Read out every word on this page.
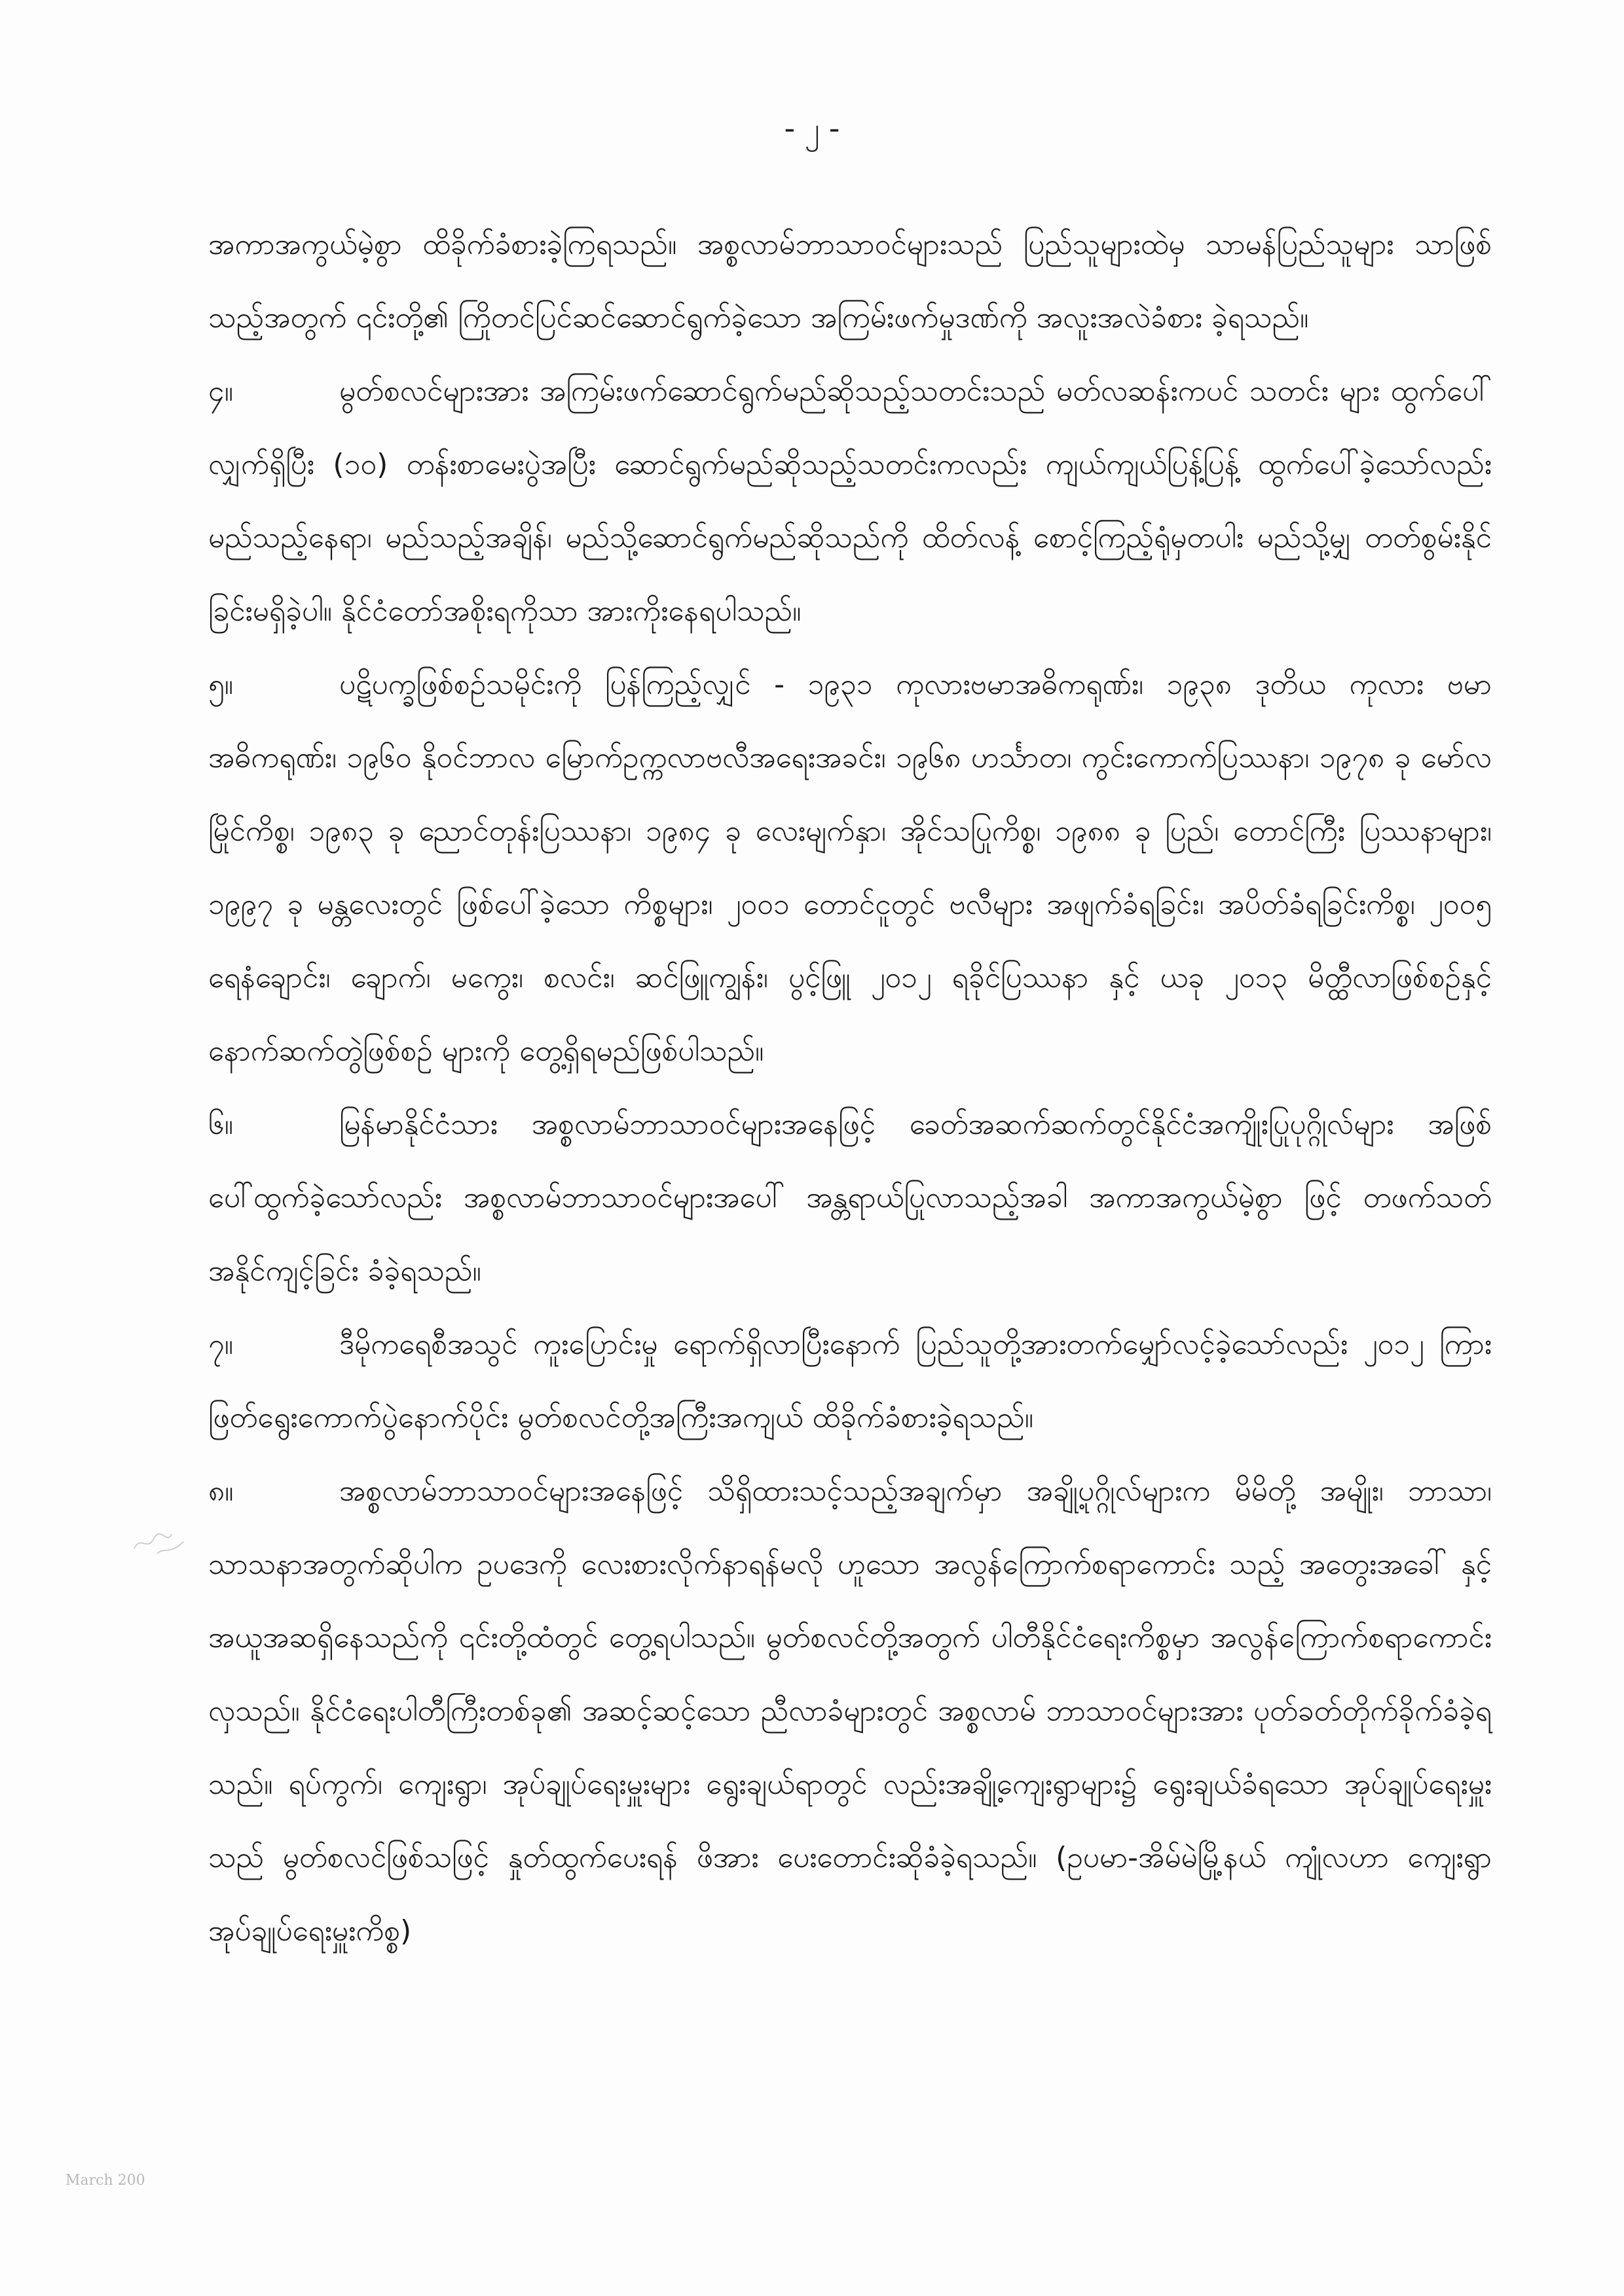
- ၂ -

အကာအကွယ်မဲ့စွာ ထိခိုက်ခံစားခဲ့ကြရသည်။ အစ္စလာမ်ဘာသာဝင်များသည် ပြည်သူများထဲမှ သာမန်ပြည်သူများ သာဖြစ်သည့်အတွက် ၎င်းတို့၏ ကြိုတင်ပြင်ဆင်ဆောင်ရွက်ခဲ့သော အကြမ်းဖက်မှုဒဏ်ကို အလူးအလဲခံစား ခဲ့ရသည်။

၄။	မွတ်စလင်များအား အကြမ်းဖက်ဆောင်ရွက်မည်ဆိုသည့်သတင်းသည် မတ်လဆန်းကပင် သတင်း များ ထွက်ပေါ်လျှက်ရှိပြီး (၁၀) တန်းစာမေးပွဲအပြီး ဆောင်ရွက်မည်ဆိုသည့်သတင်းကလည်း ကျယ်ကျယ်ပြန့်ပြန့် ထွက်ပေါ်ခဲ့သော်လည်း မည်သည့်နေရာ၊ မည်သည့်အချိန်၊ မည်သို့ဆောင်ရွက်မည်ဆိုသည်ကို ထိတ်လန့် စောင့်ကြည့်ရုံမှတပါး မည်သို့မျှ တတ်စွမ်းနိုင်ခြင်းမရှိခဲ့ပါ။ နိုင်ငံတော်အစိုးရကိုသာ အားကိုးနေရပါသည်။

၅။	ပဋိပက္ခဖြစ်စဉ်သမိုင်းကို ပြန်ကြည့်လျှင် - ၁၉၃၁ ကုလားဗမာအဓိကရုဏ်း၊ ၁၉၃၈ ဒုတိယ ကုလား ဗမာ အဓိကရုဏ်း၊ ၁၉၆၀ နိုဝင်ဘာလ မြောက်ဥက္ကလာဗလီအရေးအခင်း၊ ၁၉၆၈ ဟင်္သာတ၊ ကွင်းကောက်ပြဿနာ၊ ၁၉၇၈ ခု မော်လမြိုင်ကိစ္စ၊ ၁၉၈၃ ခု ညောင်တုန်းပြဿနာ၊ ၁၉၈၄ ခု လေးမျက်နှာ၊ အိုင်သပြုကိစ္စ၊ ၁၉၈၈ ခု ပြည်၊ တောင်ကြီး ပြဿနာများ၊ ၁၉၉၇ ခု မန္တလေးတွင် ဖြစ်ပေါ်ခဲ့သော ကိစ္စများ၊ ၂၀၀၁ တောင်ငူတွင် ဗလီများ အဖျက်ခံရခြင်း၊ အပိတ်ခံရခြင်းကိစ္စ၊ ၂၀၀၅ ရေနံချောင်း၊ ချောက်၊ မကွေး၊ စလင်း၊ ဆင်ဖြူကျွန်း၊ ပွင့်ဖြူ ၂၀၁၂ ရခိုင်ပြဿနာ နှင့် ယခု ၂၀၁၃ မိတ္ထီလာဖြစ်စဉ်နှင့် နောက်ဆက်တွဲဖြစ်စဉ် များကို တွေ့ရှိရမည်ဖြစ်ပါသည်။

၆။	မြန်မာနိုင်ငံသား အစ္စလာမ်ဘာသာဝင်များအနေဖြင့် ခေတ်အဆက်ဆက်တွင်နိုင်ငံအကျိုးပြုပုဂ္ဂိုလ်များ အဖြစ် ပေါ်ထွက်ခဲ့သော်လည်း အစ္စလာမ်ဘာသာဝင်များအပေါ် အန္တရာယ်ပြုလာသည့်အခါ အကာအကွယ်မဲ့စွာ ဖြင့် တဖက်သတ်အနိုင်ကျင့်ခြင်း ခံခဲ့ရသည်။

၇။	ဒီမိုကရေစီအသွင် ကူးပြောင်းမှု ရောက်ရှိလာပြီးနောက် ပြည်သူတို့အားတက်မျှော်လင့်ခဲ့သော်လည်း ၂၀၁၂ ကြားဖြတ်ရွေးကောက်ပွဲနောက်ပိုင်း မွတ်စလင်တို့အကြီးအကျယ် ထိခိုက်ခံစားခဲ့ရသည်။

၈။	အစ္စလာမ်ဘာသာဝင်များအနေဖြင့် သိရှိထားသင့်သည့်အချက်မှာ အချို့ပုဂ္ဂိုလ်များက မိမိတို့ အမျိုး၊ ဘာသာ၊ သာသနာအတွက်ဆိုပါက ဥပဒေကို လေးစားလိုက်နာရန်မလို ဟူသော အလွန်ကြောက်စရာကောင်း သည့် အတွေးအခေါ် နှင့် အယူအဆရှိနေသည်ကို ၎င်းတို့ထံတွင် တွေ့ရပါသည်။ မွတ်စလင်တို့အတွက် ပါတီနိုင်ငံရေးကိစ္စမှာ အလွန်ကြောက်စရာကောင်းလှသည်။ နိုင်ငံရေးပါတီကြီးတစ်ခု၏ အဆင့်ဆင့်သော ညီလာခံများတွင် အစ္စလာမ် ဘာသာဝင်များအား ပုတ်ခတ်တိုက်ခိုက်ခံခဲ့ရသည်။ ရပ်ကွက်၊ ကျေးရွာ၊ အုပ်ချုပ်ရေးမှူးများ ရွေးချယ်ရာတွင် လည်းအချို့ကျေးရွာများ၌ ရွေးချယ်ခံရသော အုပ်ချုပ်ရေးမှူးသည် မွတ်စလင်ဖြစ်သဖြင့် နှုတ်ထွက်ပေးရန် ဖိအား ပေးတောင်းဆိုခံခဲ့ရသည်။ (ဥပမာ-အိမ်မဲမြို့နယ် ကျုံလဟာ ကျေးရွာအုပ်ချုပ်ရေးမှူးကိစ္စ)

March 200
